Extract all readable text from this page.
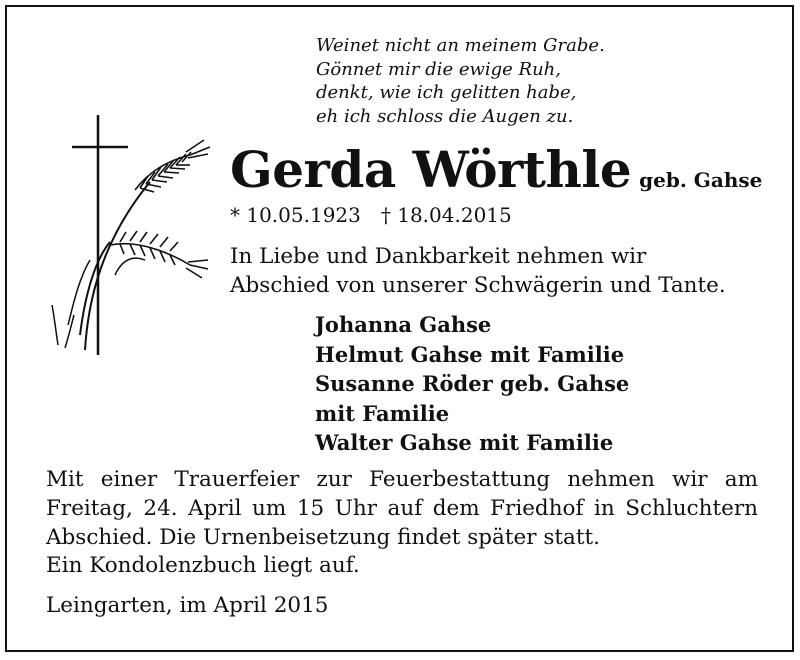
Weinet nicht an meinem Grabe.
Gönnet mir die ewige Ruh,
denkt, wie ich gelitten habe,
eh ich schloss die Augen zu.
Gerda Wörthle geb. Gahse
* 10.05.1923 † 18.04.2015
In Liebe und Dankbarkeit nehmen wir
Abschied von unserer Schwägerin und Tante.
Johanna Gahse
Helmut Gahse mit Familie
Susanne Röder geb. Gahse
mit Familie
Walter Gahse mit Familie
Mit einer Trauerfeier zur Feuerbestattung nehmen wir am
Freitag, 24. April um 15 Uhr auf dem Friedhof in Schluchtern
Abschied. Die Urnenbeisetzung findet später statt.
Ein Kondolenzbuch liegt auf.
Leingarten, im April 2015
